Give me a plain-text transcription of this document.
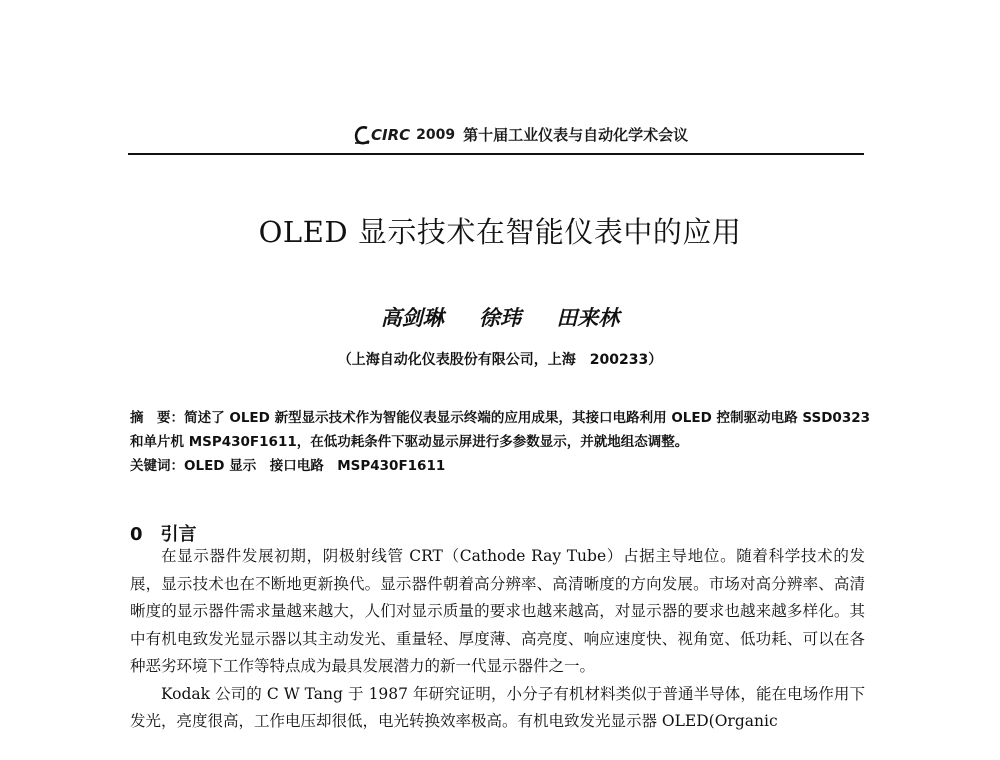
CIRC 2009 第十届工业仪表与自动化学术会议
OLED 显示技术在智能仪表中的应用
高剑琳 徐玮 田来林
（上海自动化仪表股份有限公司，上海　200233）

摘　要：简述了 OLED 新型显示技术作为智能仪表显示终端的应用成果，其接口电路利用 OLED 控制驱动电路 SSD0323 和单片机 MSP430F1611，在低功耗条件下驱动显示屏进行多参数显示，并就地组态调整。

关键词：OLED 显示　接口电路　MSP430F1611

0 引言

在显示器件发展初期，阴极射线管 CRT（Cathode Ray Tube）占据主导地位。随着科学技术的发展，显示技术也在不断地更新换代。显示器件朝着高分辨率、高清晰度的方向发展。市场对高分辨率、高清晰度的显示器件需求量越来越大，人们对显示质量的要求也越来越高，对显示器的要求也越来越多样化。其中有机电致发光显示器以其主动发光、重量轻、厚度薄、高亮度、响应速度快、视角宽、低功耗、可以在各种恶劣环境下工作等特点成为最具发展潜力的新一代显示器件之一。

Kodak 公司的 C W Tang 于 1987 年研究证明，小分子有机材料类似于普通半导体，能在电场作用下发光，亮度很高，工作电压却很低，电光转换效率极高。有机电致发光显示器 OLED(Organic
